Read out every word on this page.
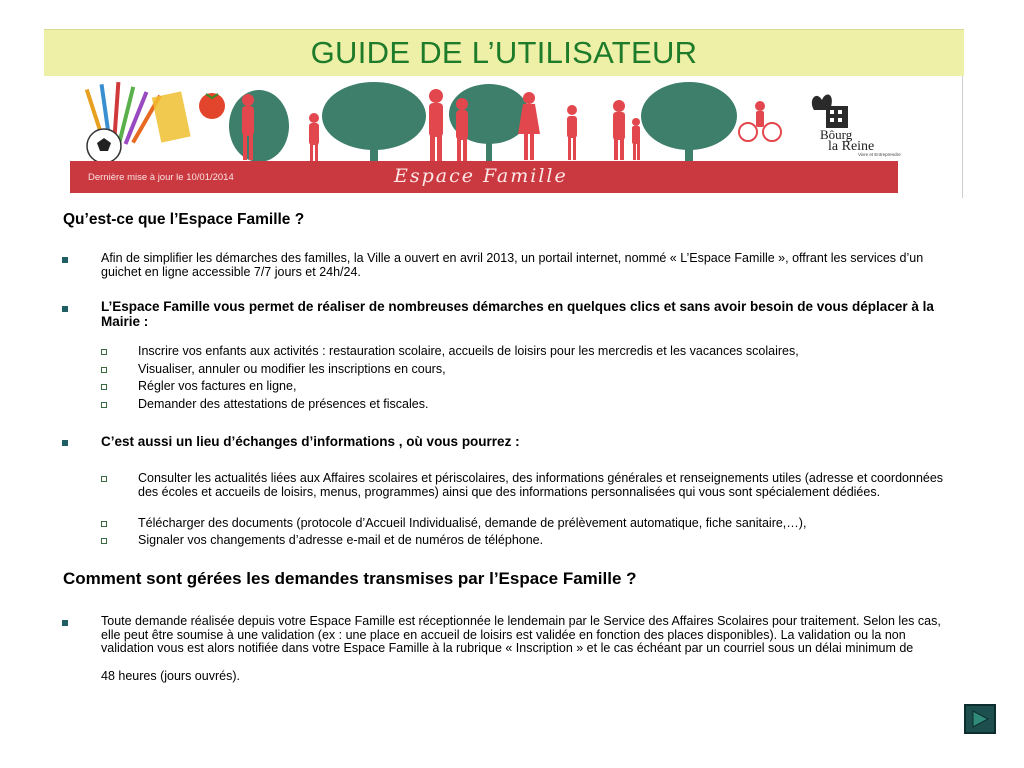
GUIDE DE L’UTILISATEUR
Dernière mise à jour le 10/01/2014	Espace Famille
Bôurg
la Reine
Vivre et Entreprendre
Qu’est-ce que l’Espace Famille ?
Afin de simplifier les démarches des familles, la Ville a ouvert en avril 2013, un portail internet, nommé « L’Espace Famille », offrant les services d’un guichet en ligne accessible 7/7 jours et 24h/24.
L’Espace Famille vous permet de réaliser de nombreuses démarches en quelques clics et sans avoir besoin de vous déplacer à la Mairie :
Inscrire vos enfants aux activités : restauration scolaire, accueils de loisirs pour les mercredis et les vacances scolaires,
Visualiser, annuler ou modifier les inscriptions en cours,
Régler vos factures en ligne,
Demander des attestations de présences et fiscales.
C’est aussi un lieu d’échanges d’informations , où vous pourrez :
Consulter les actualités liées aux Affaires scolaires et périscolaires, des informations générales et renseignements utiles (adresse et coordonnées des écoles et accueils de loisirs, menus, programmes) ainsi que des informations personnalisées qui vous sont spécialement dédiées.
Télécharger des documents (protocole d’Accueil Individualisé, demande de prélèvement automatique, fiche sanitaire,…),
Signaler vos changements d’adresse e-mail et de numéros de téléphone.
Comment sont gérées les demandes transmises par l’Espace Famille ?
Toute demande réalisée depuis votre Espace Famille est réceptionnée le lendemain par le Service des Affaires Scolaires pour traitement. Selon les cas, elle peut être soumise à une validation (ex : une place en accueil de loisirs est validée en fonction des places disponibles). La validation ou la non validation vous est alors notifiée dans votre Espace Famille à la rubrique « Inscription » et le cas échéant par un courriel sous un délai minimum de
48 heures (jours ouvrés).
